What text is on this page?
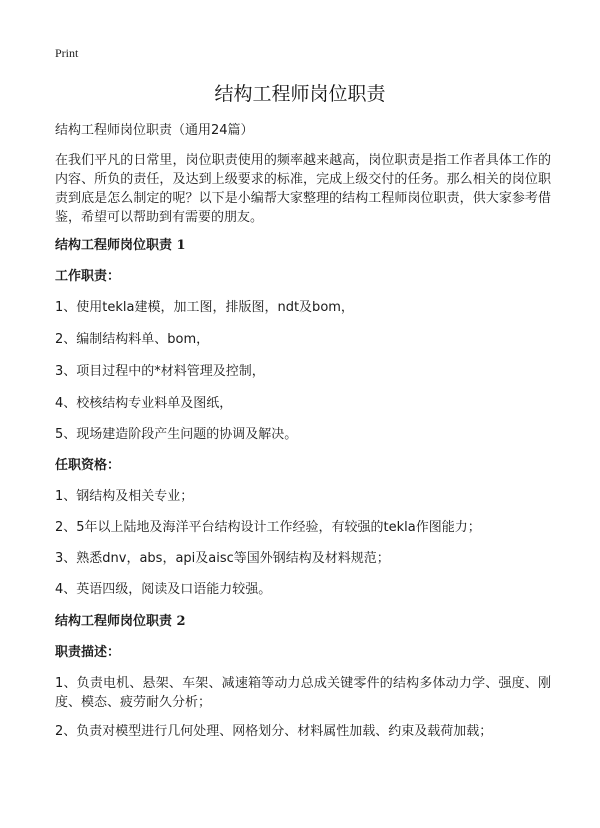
Print
结构工程师岗位职责
结构工程师岗位职责（通用24篇）
在我们平凡的日常里，岗位职责使用的频率越来越高，岗位职责是指工作者具体工作的内容、所负的责任，及达到上级要求的标准，完成上级交付的任务。那么相关的岗位职责到底是怎么制定的呢？以下是小编帮大家整理的结构工程师岗位职责，供大家参考借鉴，希望可以帮助到有需要的朋友。
结构工程师岗位职责 1
工作职责：
1、使用tekla建模，加工图，排版图，ndt及bom，
2、编制结构料单、bom，
3、项目过程中的*材料管理及控制，
4、校核结构专业料单及图纸，
5、现场建造阶段产生问题的协调及解决。
任职资格：
1、钢结构及相关专业；
2、5年以上陆地及海洋平台结构设计工作经验，有较强的tekla作图能力；
3、熟悉dnv，abs，api及aisc等国外钢结构及材料规范；
4、英语四级，阅读及口语能力较强。
结构工程师岗位职责 2
职责描述：
1、负责电机、悬架、车架、减速箱等动力总成关键零件的结构多体动力学、强度、刚度、模态、疲劳耐久分析；
2、负责对模型进行几何处理、网格划分、材料属性加载、约束及载荷加载；
